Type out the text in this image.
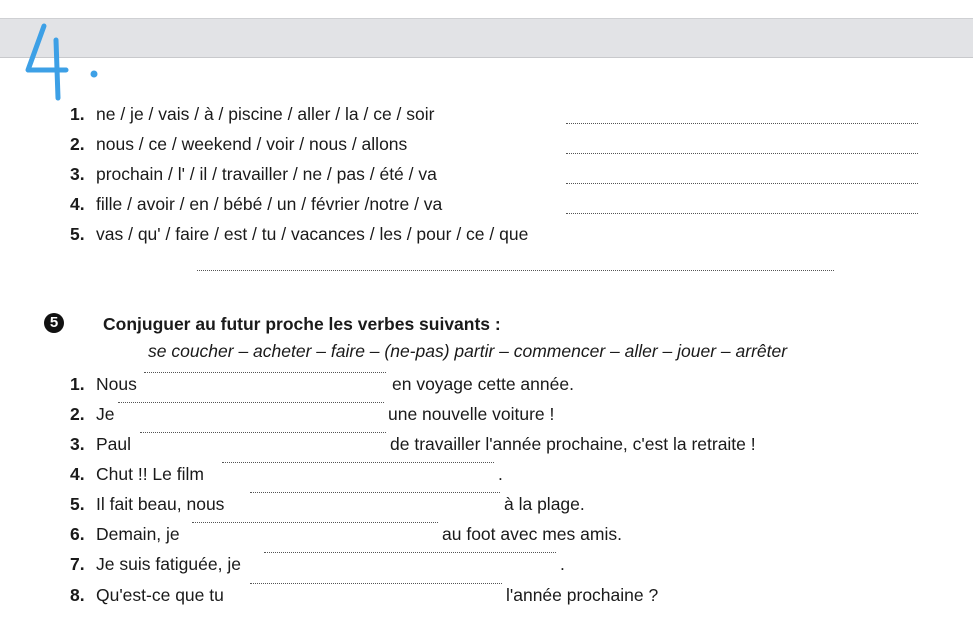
1. ne / je / vais / à / piscine / aller / la / ce / soir
2. nous / ce / weekend / voir / nous / allons
3. prochain / l' / il / travailler / ne / pas / été / va
4. fille / avoir / en / bébé / un / février /notre / va
5. vas / qu' / faire / est / tu / vacances / les / pour / ce / que
5	Conjuguer au futur proche les verbes suivants :
se coucher – acheter – faire – (ne-pas) partir – commencer – aller – jouer – arrêter
1. Nous	en voyage cette année.
2. Je	une nouvelle voiture !
3. Paul	de travailler l'année prochaine, c'est la retraite !
4. Chut !! Le film	.
5. Il fait beau, nous	à la plage.
6. Demain, je	au foot avec mes amis.
7. Je suis fatiguée, je	.
8. Qu'est-ce que tu	l'année prochaine ?
